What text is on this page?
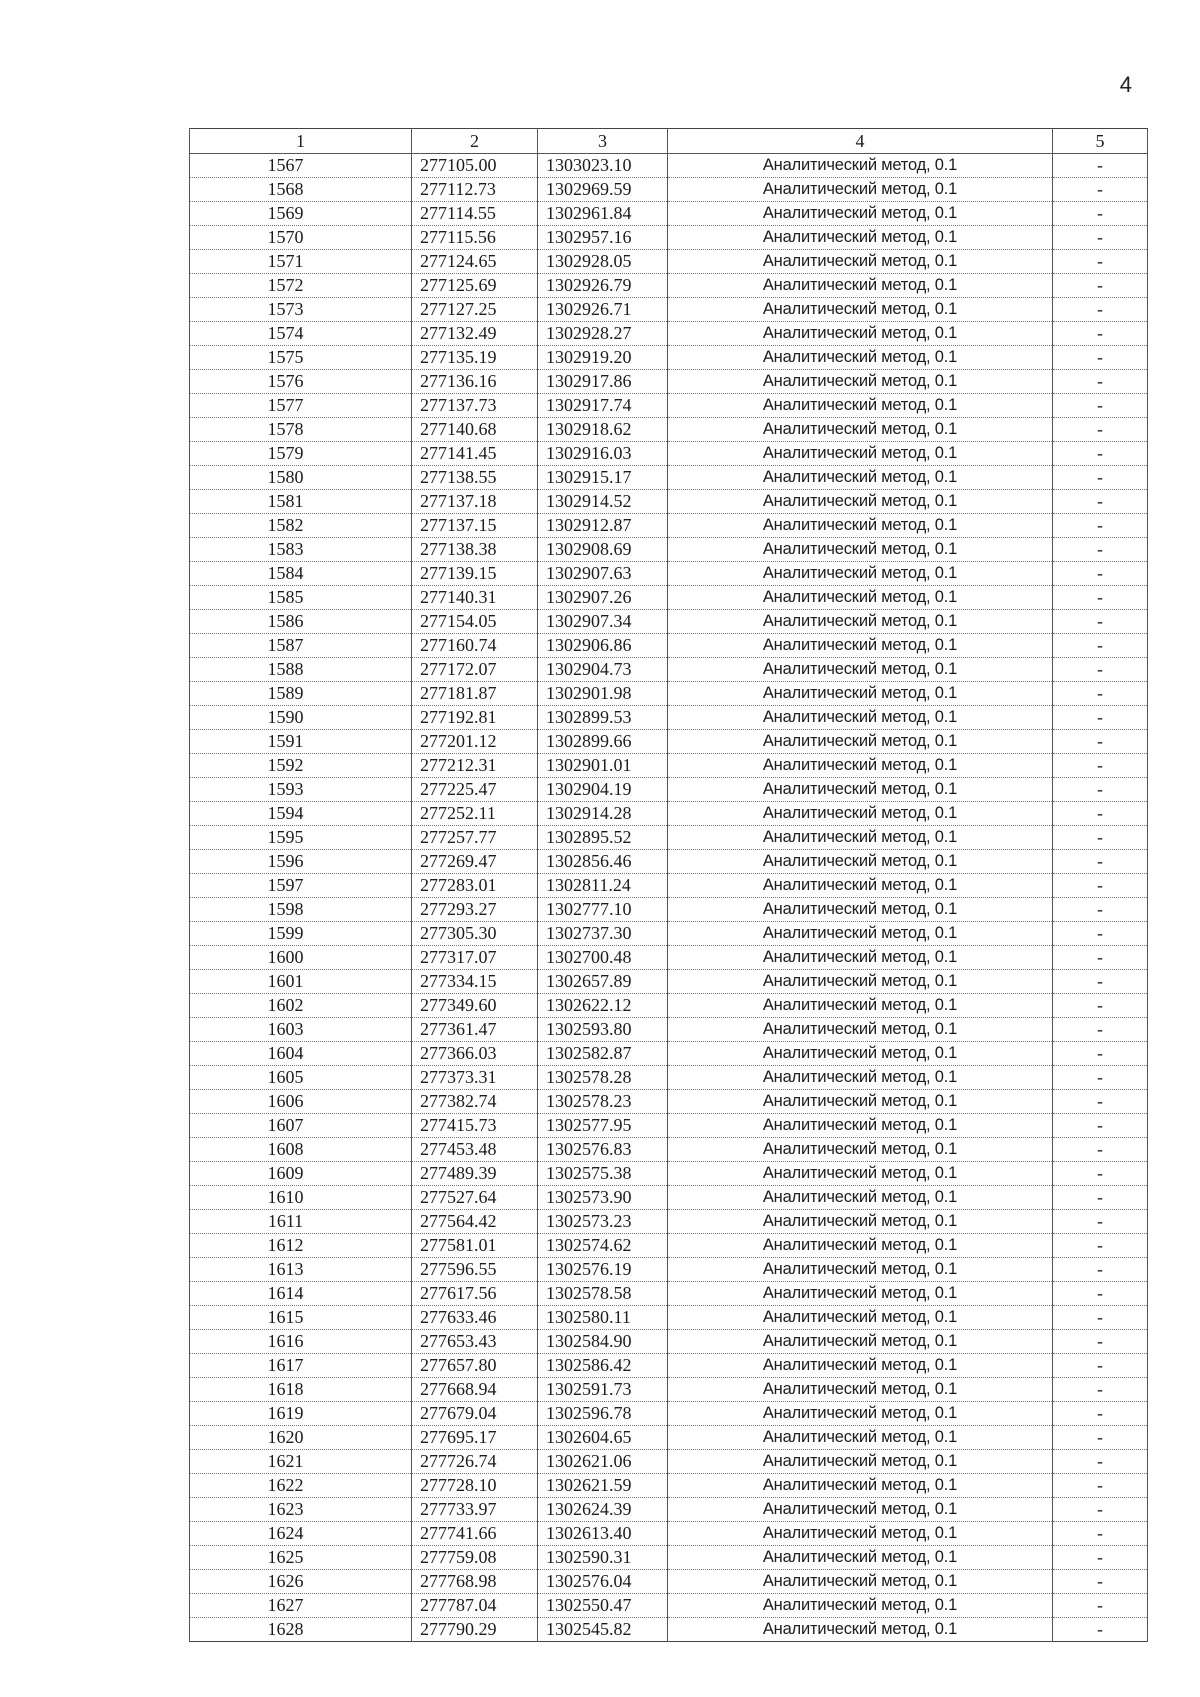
4
1	2	3	4	5
1567	277105.00	1303023.10	Аналитический метод, 0.1	-
1568	277112.73	1302969.59	Аналитический метод, 0.1	-
1569	277114.55	1302961.84	Аналитический метод, 0.1	-
1570	277115.56	1302957.16	Аналитический метод, 0.1	-
1571	277124.65	1302928.05	Аналитический метод, 0.1	-
1572	277125.69	1302926.79	Аналитический метод, 0.1	-
1573	277127.25	1302926.71	Аналитический метод, 0.1	-
1574	277132.49	1302928.27	Аналитический метод, 0.1	-
1575	277135.19	1302919.20	Аналитический метод, 0.1	-
1576	277136.16	1302917.86	Аналитический метод, 0.1	-
1577	277137.73	1302917.74	Аналитический метод, 0.1	-
1578	277140.68	1302918.62	Аналитический метод, 0.1	-
1579	277141.45	1302916.03	Аналитический метод, 0.1	-
1580	277138.55	1302915.17	Аналитический метод, 0.1	-
1581	277137.18	1302914.52	Аналитический метод, 0.1	-
1582	277137.15	1302912.87	Аналитический метод, 0.1	-
1583	277138.38	1302908.69	Аналитический метод, 0.1	-
1584	277139.15	1302907.63	Аналитический метод, 0.1	-
1585	277140.31	1302907.26	Аналитический метод, 0.1	-
1586	277154.05	1302907.34	Аналитический метод, 0.1	-
1587	277160.74	1302906.86	Аналитический метод, 0.1	-
1588	277172.07	1302904.73	Аналитический метод, 0.1	-
1589	277181.87	1302901.98	Аналитический метод, 0.1	-
1590	277192.81	1302899.53	Аналитический метод, 0.1	-
1591	277201.12	1302899.66	Аналитический метод, 0.1	-
1592	277212.31	1302901.01	Аналитический метод, 0.1	-
1593	277225.47	1302904.19	Аналитический метод, 0.1	-
1594	277252.11	1302914.28	Аналитический метод, 0.1	-
1595	277257.77	1302895.52	Аналитический метод, 0.1	-
1596	277269.47	1302856.46	Аналитический метод, 0.1	-
1597	277283.01	1302811.24	Аналитический метод, 0.1	-
1598	277293.27	1302777.10	Аналитический метод, 0.1	-
1599	277305.30	1302737.30	Аналитический метод, 0.1	-
1600	277317.07	1302700.48	Аналитический метод, 0.1	-
1601	277334.15	1302657.89	Аналитический метод, 0.1	-
1602	277349.60	1302622.12	Аналитический метод, 0.1	-
1603	277361.47	1302593.80	Аналитический метод, 0.1	-
1604	277366.03	1302582.87	Аналитический метод, 0.1	-
1605	277373.31	1302578.28	Аналитический метод, 0.1	-
1606	277382.74	1302578.23	Аналитический метод, 0.1	-
1607	277415.73	1302577.95	Аналитический метод, 0.1	-
1608	277453.48	1302576.83	Аналитический метод, 0.1	-
1609	277489.39	1302575.38	Аналитический метод, 0.1	-
1610	277527.64	1302573.90	Аналитический метод, 0.1	-
1611	277564.42	1302573.23	Аналитический метод, 0.1	-
1612	277581.01	1302574.62	Аналитический метод, 0.1	-
1613	277596.55	1302576.19	Аналитический метод, 0.1	-
1614	277617.56	1302578.58	Аналитический метод, 0.1	-
1615	277633.46	1302580.11	Аналитический метод, 0.1	-
1616	277653.43	1302584.90	Аналитический метод, 0.1	-
1617	277657.80	1302586.42	Аналитический метод, 0.1	-
1618	277668.94	1302591.73	Аналитический метод, 0.1	-
1619	277679.04	1302596.78	Аналитический метод, 0.1	-
1620	277695.17	1302604.65	Аналитический метод, 0.1	-
1621	277726.74	1302621.06	Аналитический метод, 0.1	-
1622	277728.10	1302621.59	Аналитический метод, 0.1	-
1623	277733.97	1302624.39	Аналитический метод, 0.1	-
1624	277741.66	1302613.40	Аналитический метод, 0.1	-
1625	277759.08	1302590.31	Аналитический метод, 0.1	-
1626	277768.98	1302576.04	Аналитический метод, 0.1	-
1627	277787.04	1302550.47	Аналитический метод, 0.1	-
1628	277790.29	1302545.82	Аналитический метод, 0.1	-
